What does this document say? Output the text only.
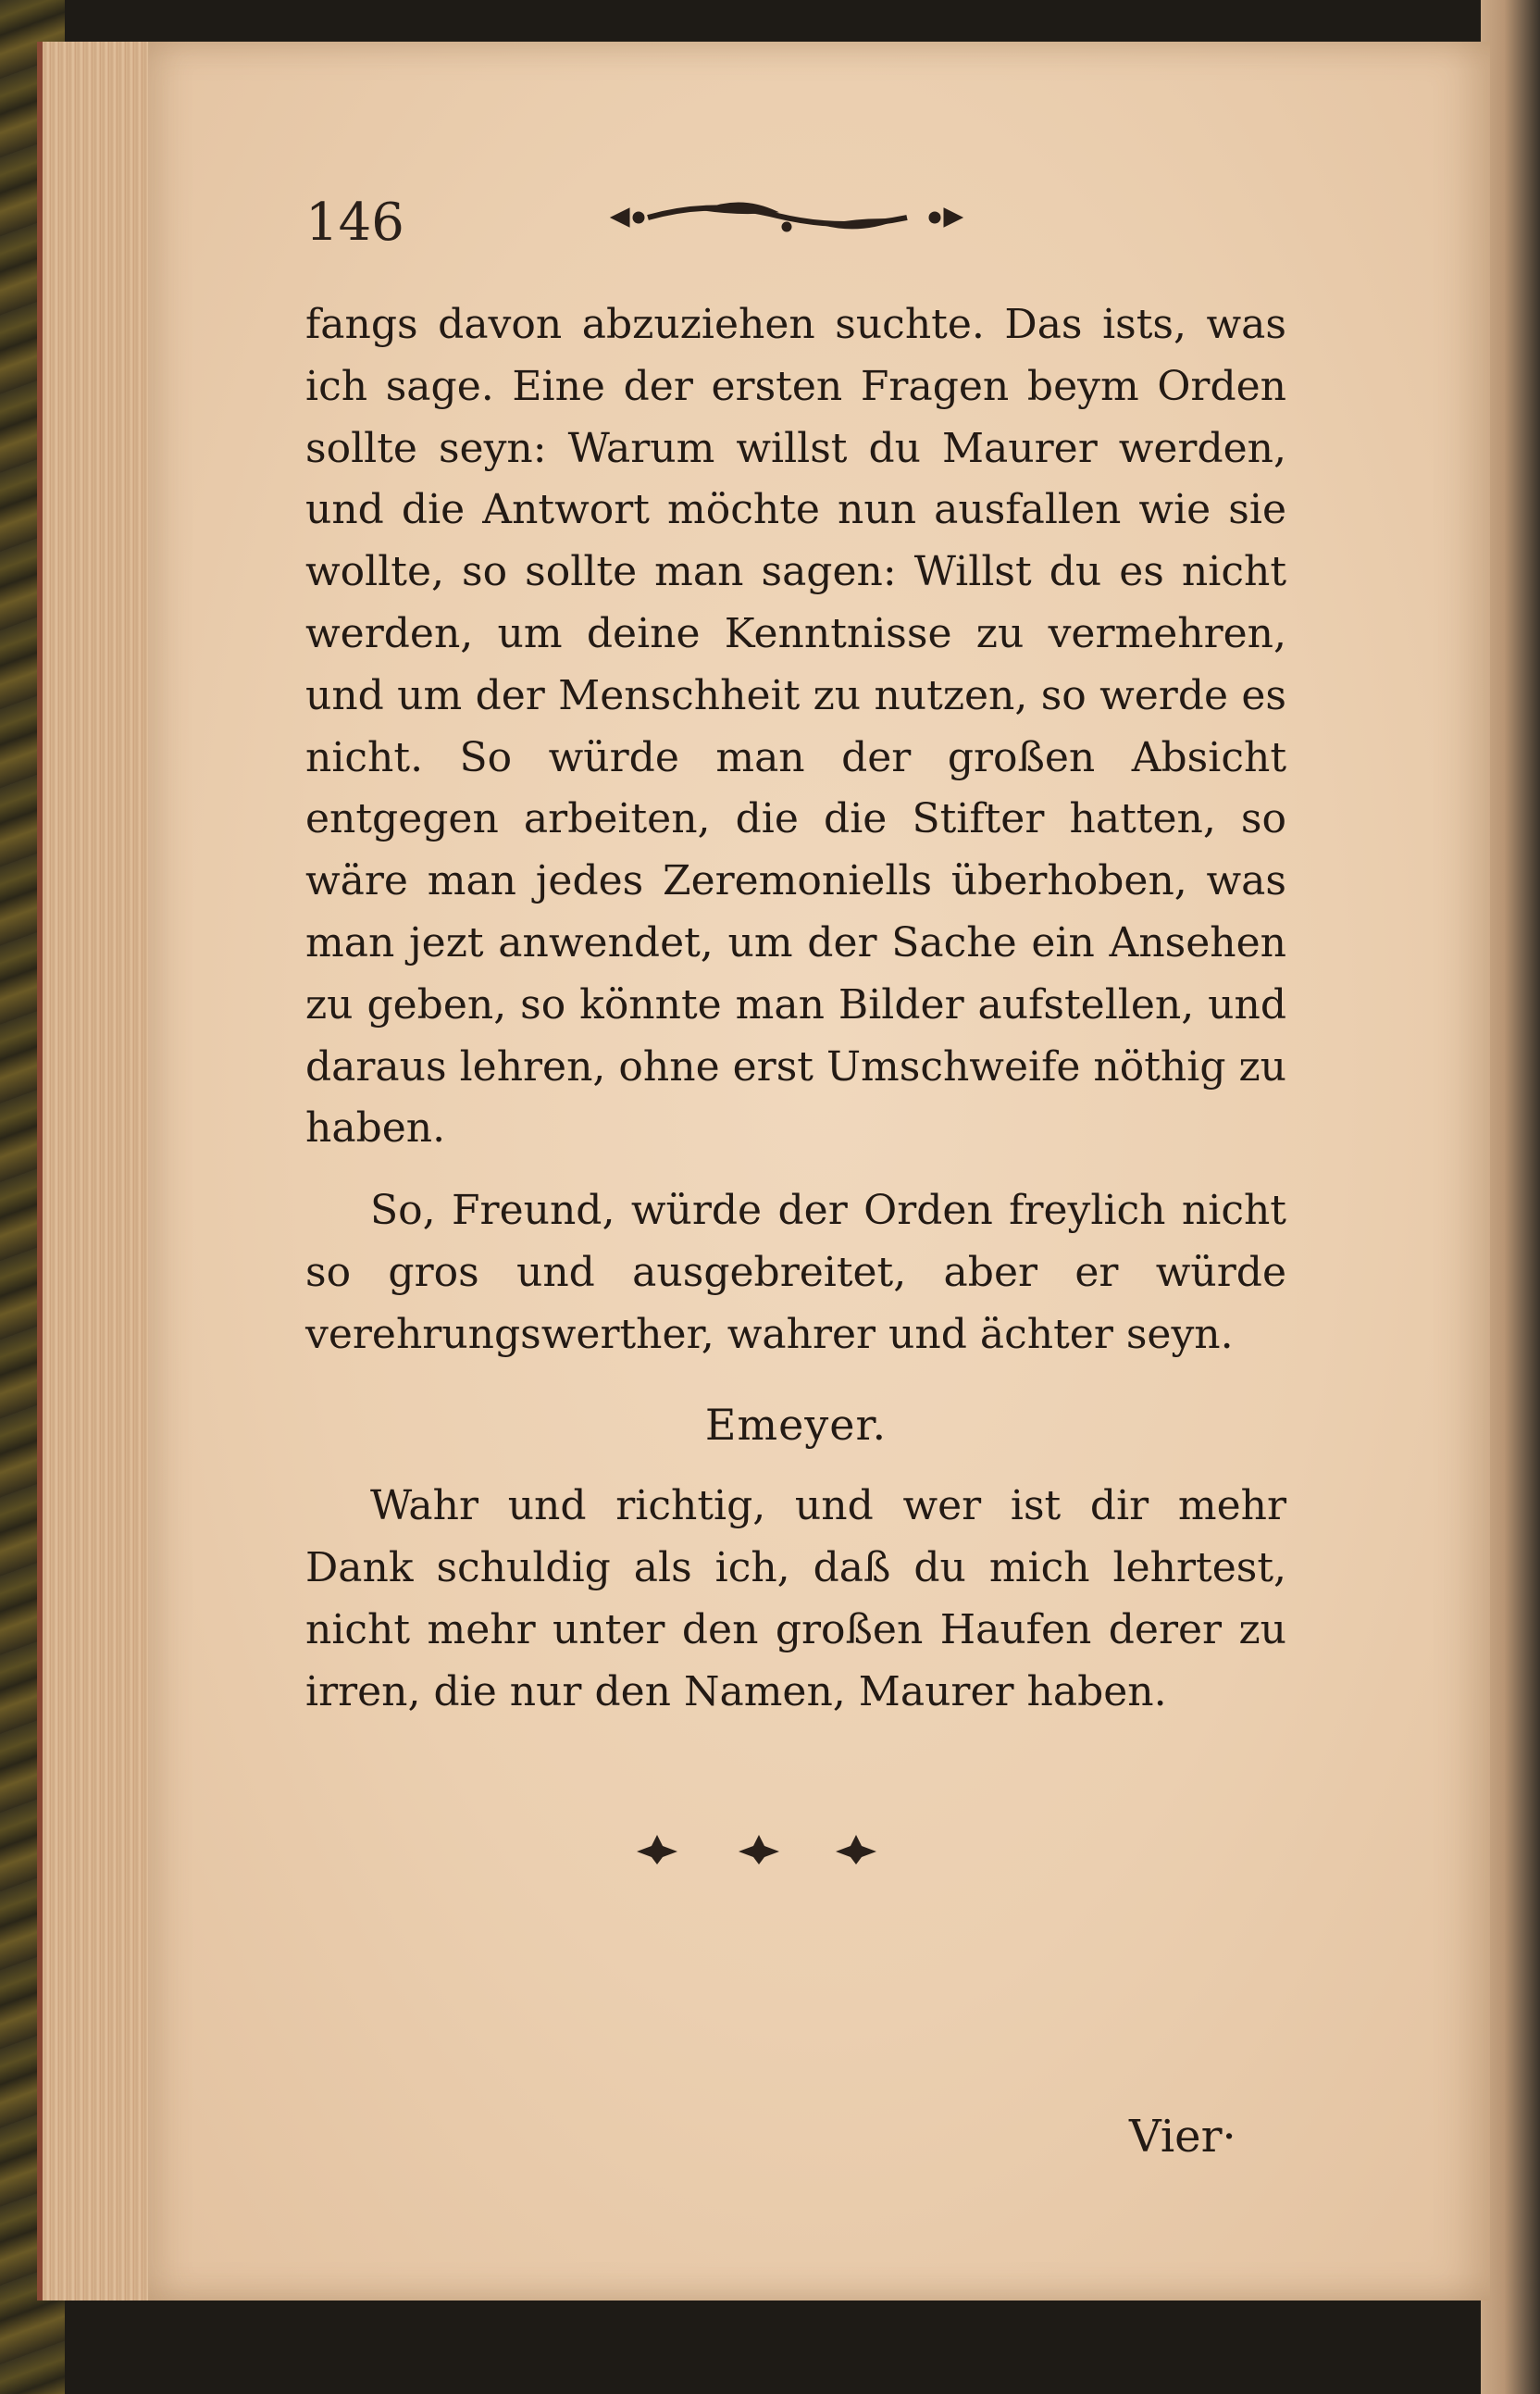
146

fangs davon abzuziehen suchte. Das ists, was ich sage. Eine der ersten Fragen beym Orden sollte seyn: Warum willst du Maurer werden, und die Antwort möchte nun ausfallen wie sie wollte, so sollte man sagen: Willst du es nicht werden, um deine Kenntnisse zu vermehren, und um der Menschheit zu nutzen, so werde es nicht. So würde man der großen Absicht entgegen arbeiten, die die Stifter hatten, so wäre man jedes Zeremoniells überhoben, was man jezt anwendet, um der Sache ein Ansehen zu geben, so könnte man Bilder aufstellen, und daraus lehren, ohne erst Umschweife nöthig zu haben.

So, Freund, würde der Orden freylich nicht so gros und ausgebreitet, aber er würde verehrungswerther, wahrer und ächter seyn.

Emeyer.

Wahr und richtig, und wer ist dir mehr Dank schuldig als ich, daß du mich lehrtest, nicht mehr unter den großen Haufen derer zu irren, die nur den Namen, Maurer haben.

Vier·
